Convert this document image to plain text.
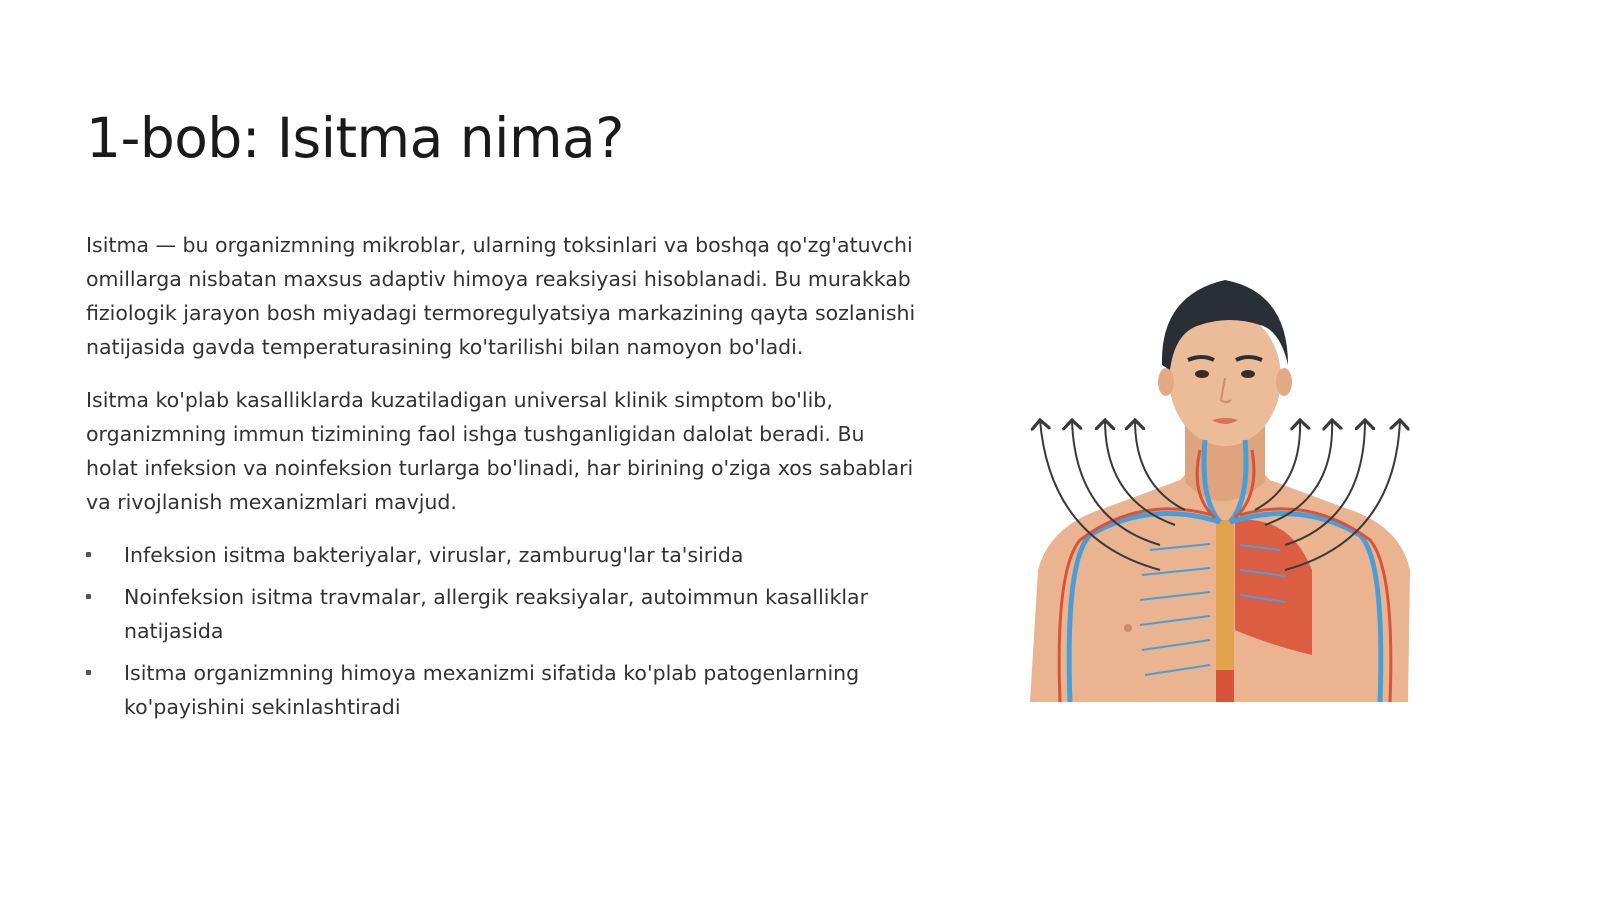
1-bob: Isitma nima?

Isitma — bu organizmning mikroblar, ularning toksinlari va boshqa qo'zg'atuvchi omillarga nisbatan maxsus adaptiv himoya reaksiyasi hisoblanadi. Bu murakkab fiziologik jarayon bosh miyadagi termoregulyatsiya markazining qayta sozlanishi natijasida gavda temperaturasining ko'tarilishi bilan namoyon bo'ladi.

Isitma ko'plab kasalliklarda kuzatiladigan universal klinik simptom bo'lib, organizmning immun tizimining faol ishga tushganligidan dalolat beradi. Bu holat infeksion va noinfeksion turlarga bo'linadi, har birining o'ziga xos sabablari va rivojlanish mexanizmlari mavjud.

Infeksion isitma bakteriyalar, viruslar, zamburug'lar ta'sirida
Noinfeksion isitma travmalar, allergik reaksiyalar, autoimmun kasalliklar natijasida
Isitma organizmning himoya mexanizmi sifatida ko'plab patogenlarning ko'payishini sekinlashtiradi
